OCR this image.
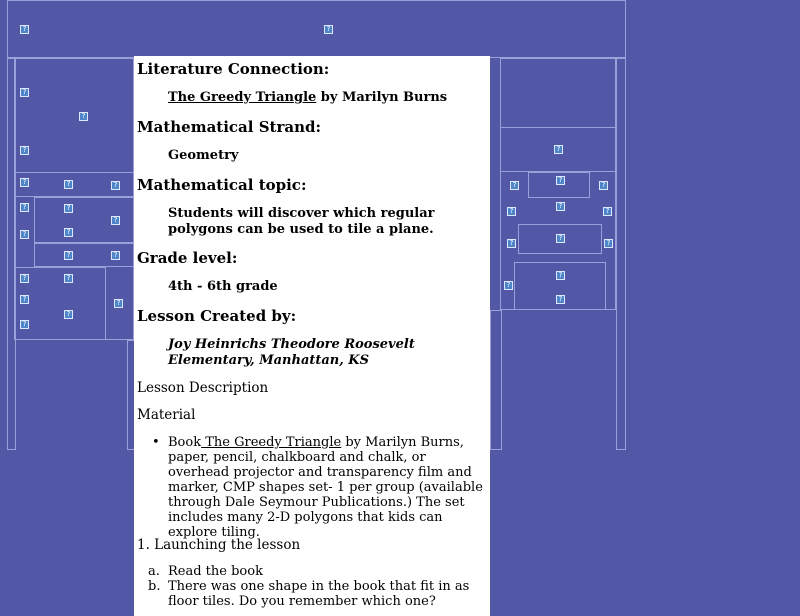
?	?
?
?
?
?	?	?
?	?
?
?
?
?	?
?	?
?	?
?
?
?
?
?	?
?
?	?
?
?	?
?
?
?
Literature Connection:
The Greedy Triangle by Marilyn Burns
Mathematical Strand:
Geometry
Mathematical topic:
Students will discover which regular polygons can be used to tile a plane.
Grade level:
4th - 6th grade
Lesson Created by:
Joy Heinrichs Theodore Roosevelt Elementary, Manhattan, KS
Lesson Description
Material
• Book The Greedy Triangle by Marilyn Burns, paper, pencil, chalkboard and chalk, or overhead projector and transparency film and marker, CMP shapes set- 1 per group (available through Dale Seymour Publications.) The set includes many 2-D polygons that kids can explore tiling.
1. Launching the lesson
a. Read the book
b. There was one shape in the book that fit in as floor tiles. Do you remember which one?
